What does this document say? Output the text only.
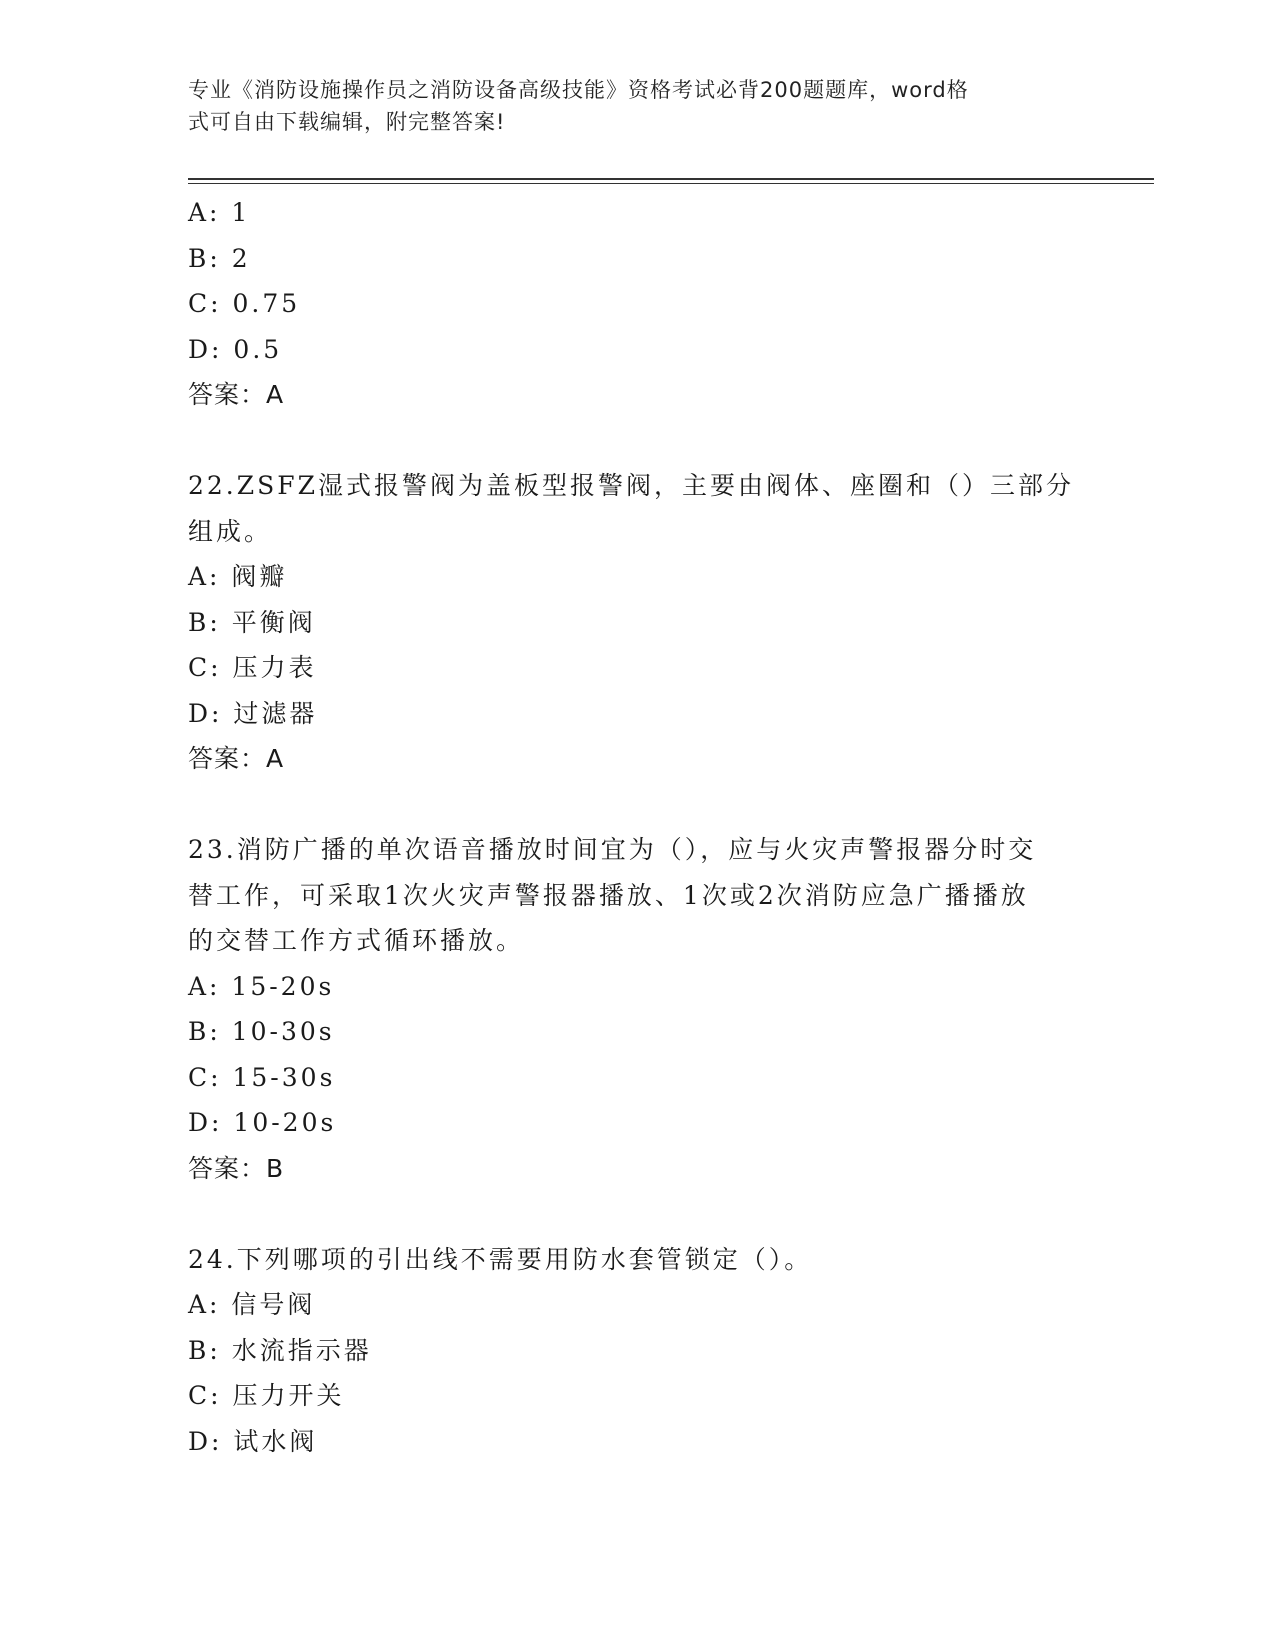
专业《消防设施操作员之消防设备高级技能》资格考试必背200题题库，word格
式可自由下载编辑，附完整答案!
A: 1
B: 2
C: 0.75
D: 0.5
答案：A
22.ZSFZ湿式报警阀为盖板型报警阀，主要由阀体、座圈和（）三部分
组成。
A: 阀瓣
B: 平衡阀
C: 压力表
D: 过滤器
答案：A
23.消防广播的单次语音播放时间宜为（），应与火灾声警报器分时交
替工作，可采取1次火灾声警报器播放、1次或2次消防应急广播播放
的交替工作方式循环播放。
A: 15-20s
B: 10-30s
C: 15-30s
D: 10-20s
答案：B
24.下列哪项的引出线不需要用防水套管锁定（）。
A: 信号阀
B: 水流指示器
C: 压力开关
D: 试水阀
